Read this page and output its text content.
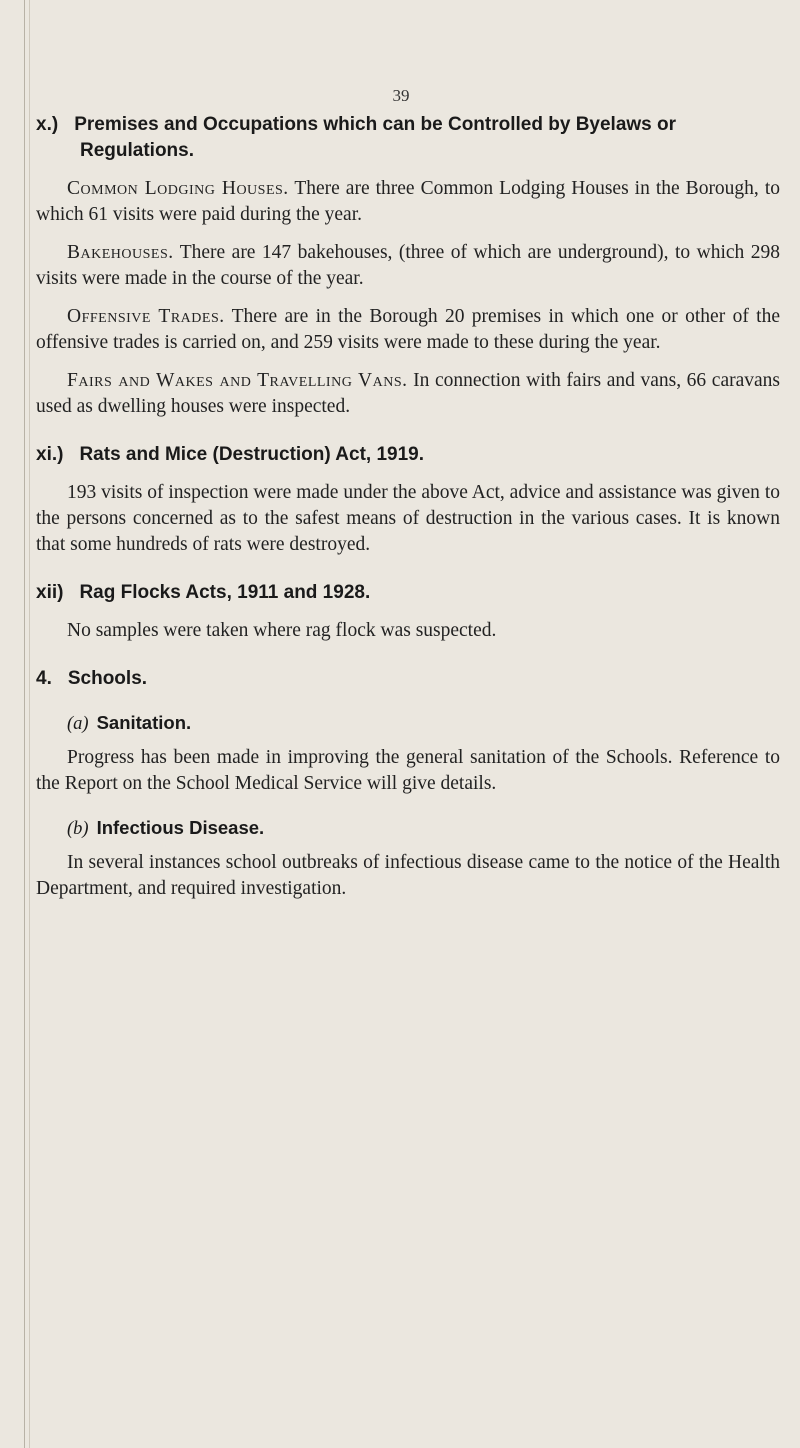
39
x.) Premises and Occupations which can be Controlled by Byelaws or
Regulations.

Common Lodging Houses. There are three Common Lodging Houses in the Borough, to which 61 visits were paid during the year.

Bakehouses. There are 147 bakehouses, (three of which are underground), to which 298 visits were made in the course of the year.

Offensive Trades. There are in the Borough 20 premises in which one or other of the offensive trades is carried on, and 259 visits were made to these during the year.

Fairs and Wakes and Travelling Vans. In connection with fairs and vans, 66 caravans used as dwelling houses were inspected.

xi.) Rats and Mice (Destruction) Act, 1919.

193 visits of inspection were made under the above Act, advice and assistance was given to the persons concerned as to the safest means of destruction in the various cases. It is known that some hundreds of rats were destroyed.

xii) Rag Flocks Acts, 1911 and 1928.

No samples were taken where rag flock was suspected.

4. Schools.
(a) Sanitation.

Progress has been made in improving the general sanitation of the Schools. Reference to the Report on the School Medical Service will give details.

(b) Infectious Disease.

In several instances school outbreaks of infectious disease came to the notice of the Health Department, and required investigation.
